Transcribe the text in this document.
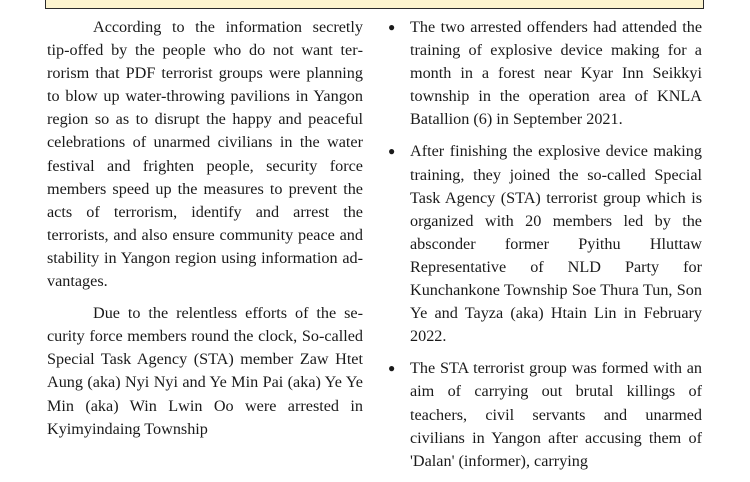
According to the information secretly tip-offed by the people who do not want terrorism that PDF terrorist groups were planning to blow up water-throwing pavilions in Yangon region so as to disrupt the happy and peaceful celebrations of unarmed civilians in the water festival and frighten people, security force members speed up the measures to prevent the acts of terrorism, identify and arrest the terrorists, and also ensure community peace and stability in Yangon region using information advantages.

Due to the relentless efforts of the security force members round the clock, So-called Special Task Agency (STA) member Zaw Htet Aung (aka) Nyi Nyi and Ye Min Pai (aka) Ye Ye Min (aka) Win Lwin Oo were arrested in Kyimyindaing Township

● The two arrested offenders had attended the training of explosive device making for a month in a forest near Kyar Inn Seikkyi township in the operation area of KNLA Batallion (6) in September 2021.
● After finishing the explosive device making training, they joined the so-called Special Task Agency (STA) terrorist group which is organized with 20 members led by the absconder former Pyithu Hluttaw Representative of NLD Party for Kunchankone Township Soe Thura Tun, Son Ye and Tayza (aka) Htain Lin in February 2022.
● The STA terrorist group was formed with an aim of carrying out brutal killings of teachers, civil servants and unarmed civilians in Yangon after accusing them of 'Dalan' (informer), carrying
